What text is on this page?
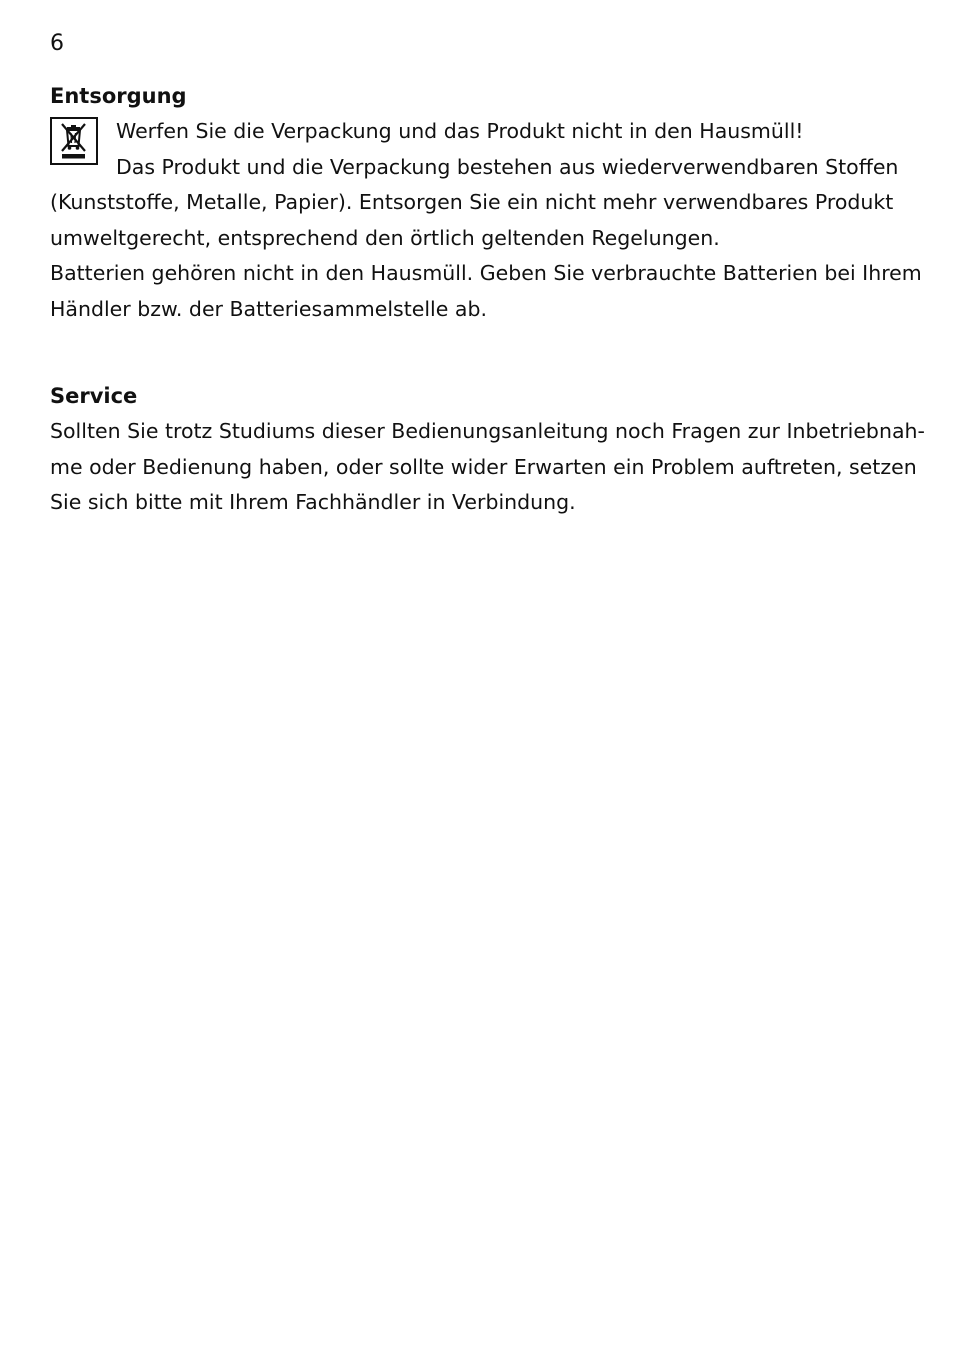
6
Entsorgung

Werfen Sie die Verpackung und das Produkt nicht in den Hausmüll!
Das Produkt und die Verpackung bestehen aus wiederverwendbaren Stoffen

(Kunststoffe, Metalle, Papier). Entsorgen Sie ein nicht mehr verwendbares Produkt
umweltgerecht, entsprechend den örtlich geltenden Regelungen.
Batterien gehören nicht in den Hausmüll. Geben Sie verbrauchte Batterien bei Ihrem
Händler bzw. der Batteriesammelstelle ab.

Service

Sollten Sie trotz Studiums dieser Bedienungsanleitung noch Fragen zur Inbetriebnah-
me oder Bedienung haben, oder sollte wider Erwarten ein Problem auftreten, setzen
Sie sich bitte mit Ihrem Fachhändler in Verbindung.
